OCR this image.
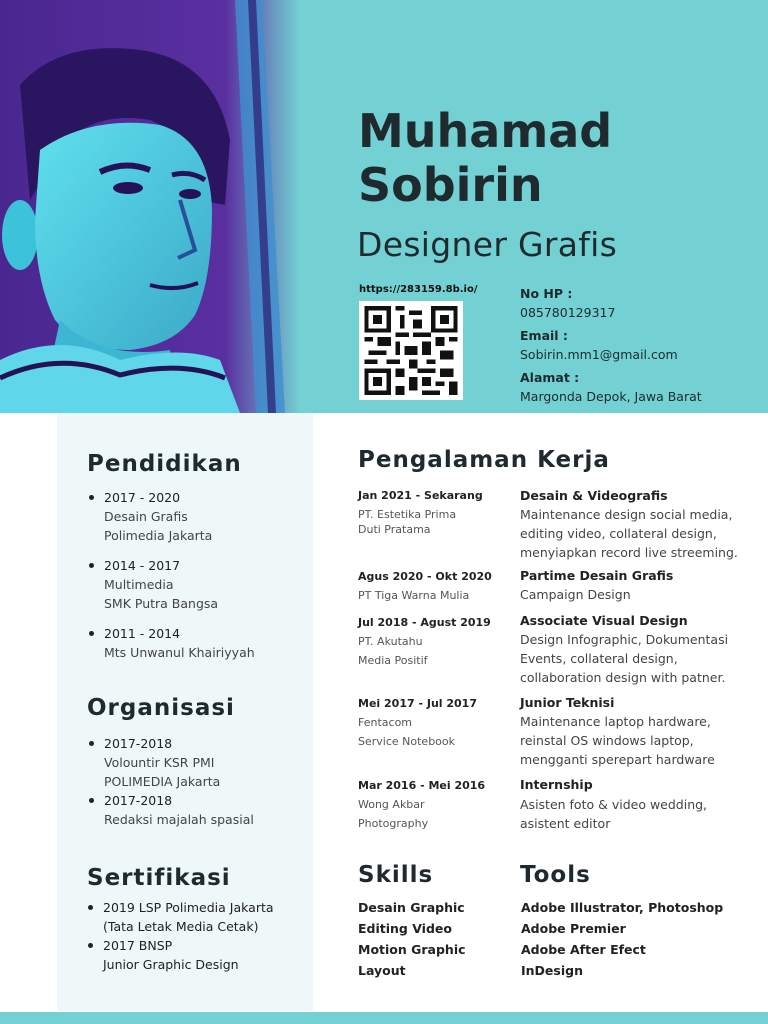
Muhamad
Sobirin
Designer Grafis
https://283159.8b.io/	No HP :
085780129317
Email :
Sobirin.mm1@gmail.com
Alamat :
Margonda Depok, Jawa Barat
Pendidikan
2017 - 2020
Desain Grafis
Polimedia Jakarta
2014 - 2017
Multimedia
SMK Putra Bangsa
2011 - 2014
Mts Unwanul Khairiyyah
Organisasi
2017-2018
Volountir KSR PMI
POLIMEDIA Jakarta
2017-2018
Redaksi majalah spasial
Sertifikasi
2019 LSP Polimedia Jakarta
(Tata Letak Media Cetak)
2017 BNSP
Junior Graphic Design
Pengalaman Kerja
Jan 2021 - Sekarang
PT. Estetika Prima
Duti Pratama
Desain & Videografis
Maintenance design social media,
editing video, collateral design,
menyiapkan record live streeming.
Agus 2020 - Okt 2020
PT Tiga Warna Mulia
Partime Desain Grafis
Campaign Design
Jul 2018 - Agust 2019
PT. Akutahu
Media Positif
Associate Visual Design
Design Infographic, Dokumentasi
Events, collateral design,
collaboration design with patner.
Mei 2017 - Jul 2017
Fentacom
Service Notebook
Junior Teknisi
Maintenance laptop hardware,
reinstal OS windows laptop,
mengganti sperepart hardware
Mar 2016 - Mei 2016
Wong Akbar
Photography
Internship
Asisten foto & video wedding,
asistent editor
Skills
Desain Graphic
Editing Video
Motion Graphic
Layout
Tools
Adobe Illustrator, Photoshop
Adobe Premier
Adobe After Efect
InDesign
